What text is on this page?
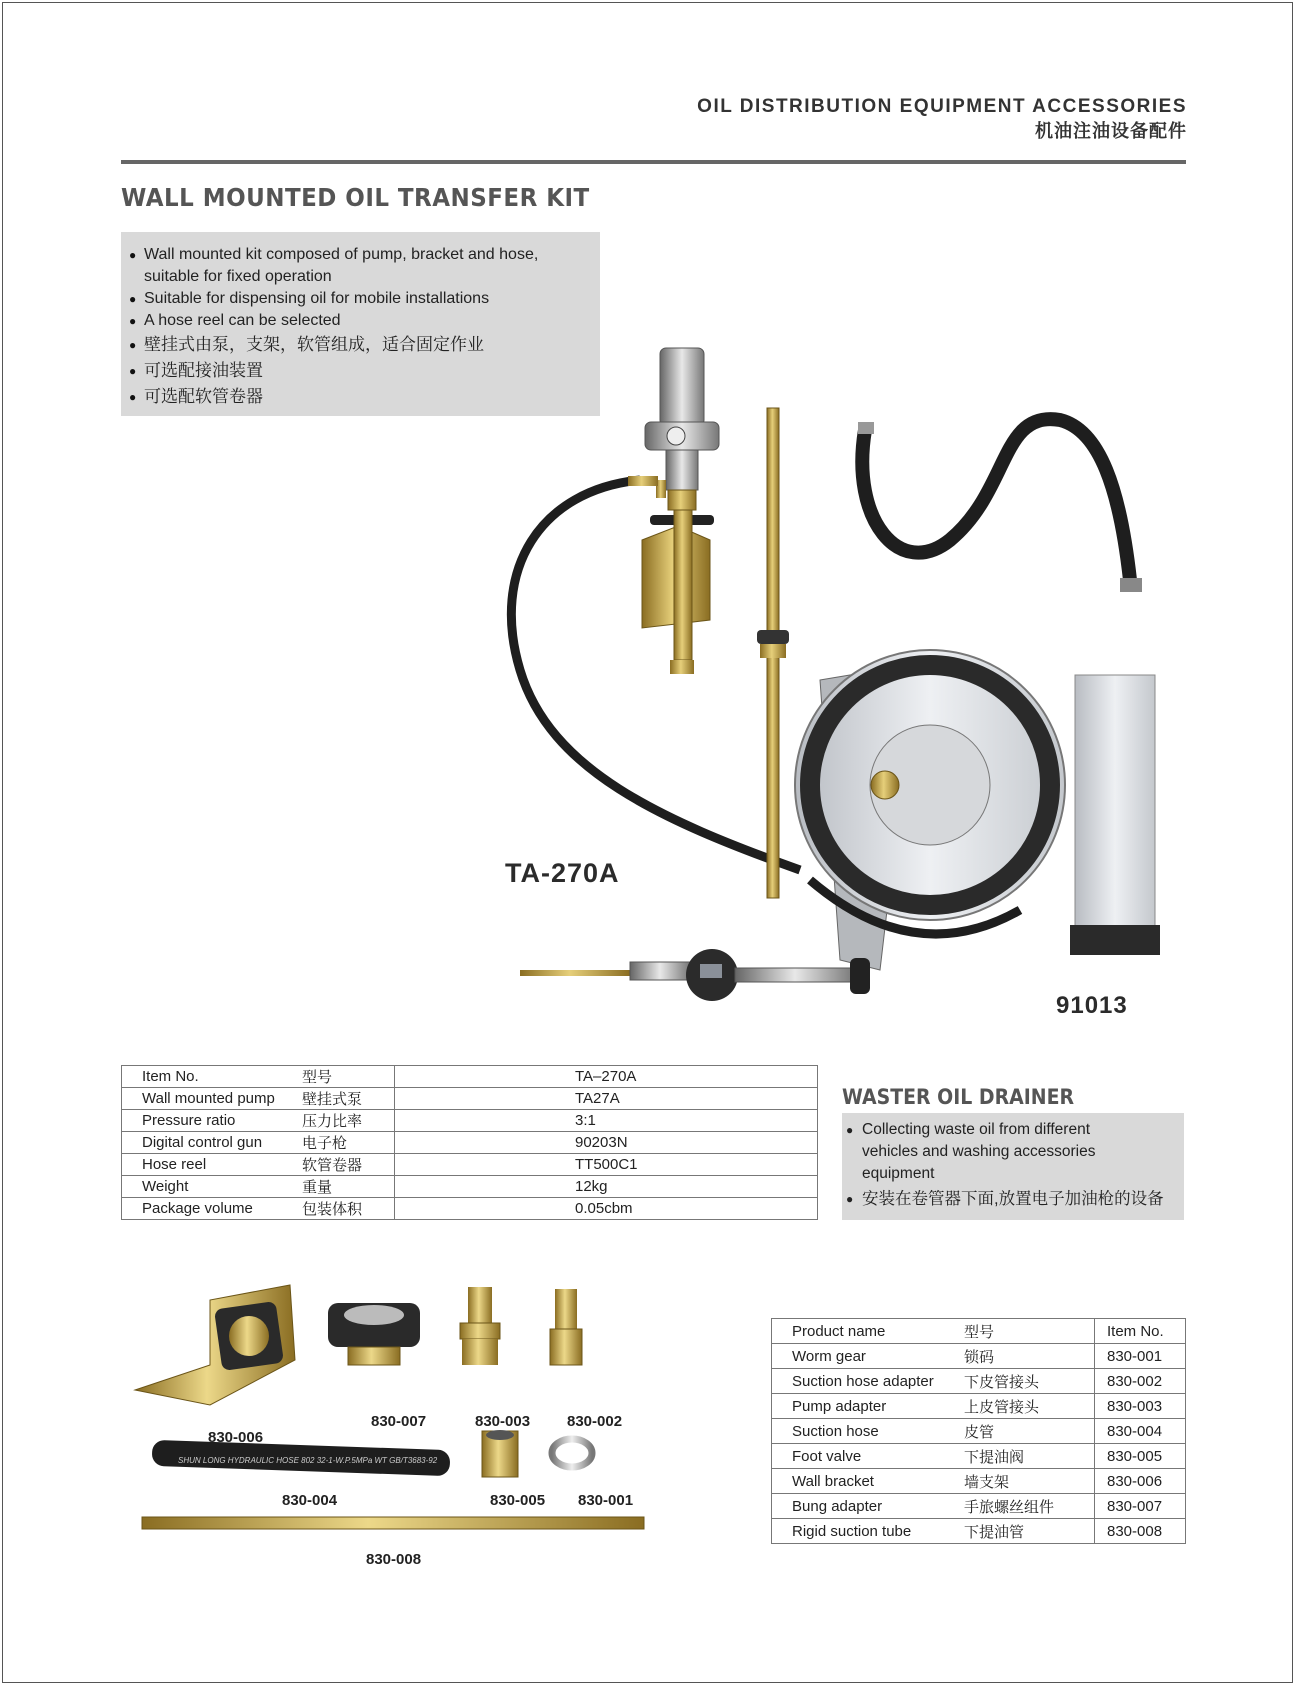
OIL DISTRIBUTION EQUIPMENT ACCESSORIES
机油注油设备配件
WALL MOUNTED OIL TRANSFER KIT
● Wall mounted kit composed of pump, bracket and hose,
suitable for fixed operation
● Suitable for dispensing oil for mobile installations
● A hose reel can be selected
● 壁挂式由泵，支架，软管组成，适合固定作业
● 可选配接油装置
● 可选配软管卷器
TA-270A
91013
Item No.	型号	TA–270A
Wall mounted pump	壁挂式泵	TA27A
Pressure ratio	压力比率	3:1
Digital control gun	电子枪	90203N
Hose reel	软管卷器	TT500C1
Weight	重量	12kg
Package volume	包装体积	0.05cbm
WASTER OIL DRAINER
● Collecting waste oil from different
vehicles and washing accessories
equipment
● 安装在卷管器下面,放置电子加油枪的设备
SHUN LONG HYDRAULIC HOSE 802 32-1-W.P.5MPa WT GB/T3683-92
830-006
830-007	830-003 830-002
830-004	830-005 830-001
830-008
Product name	型号	Item No.
Worm gear	锁码	830-001
Suction hose adapter	下皮管接头	830-002
Pump adapter	上皮管接头	830-003
Suction hose	皮管	830-004
Foot valve	下提油阀	830-005
Wall bracket	墙支架	830-006
Bung adapter	手旅螺丝组件	830-007
Rigid suction tube	下提油管	830-008
